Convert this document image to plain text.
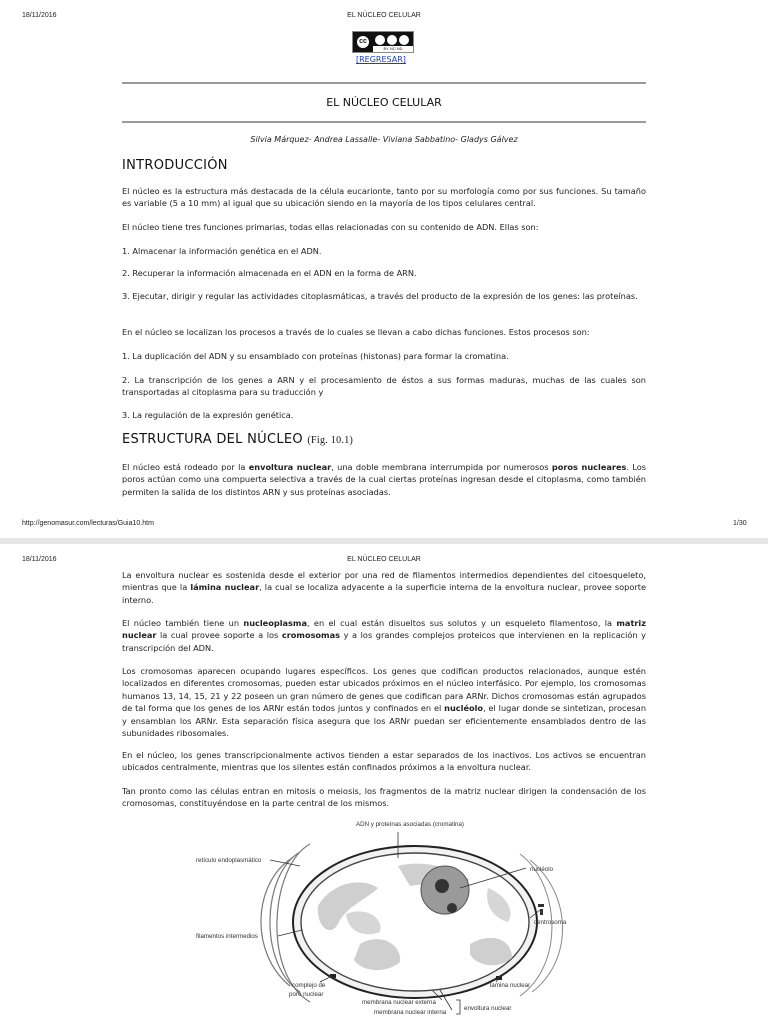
18/11/2016	EL NÚCLEO CELULAR
cc
BY NC ND
[REGRESAR]
EL NÚCLEO CELULAR
Silvia Márquez- Andrea Lassalle- Viviana Sabbatino- Gladys Gálvez
INTRODUCCIÓN

El núcleo es la estructura más destacada de la célula eucarionte, tanto por su morfología como por sus funciones. Su tamaño es variable (5 a 10 mm) al igual que su ubicación siendo en la mayoría de los tipos celulares central.

El núcleo tiene tres funciones primarias, todas ellas relacionadas con su contenido de ADN. Ellas son:

1. Almacenar la información genética en el ADN.

2. Recuperar la información almacenada en el ADN en la forma de ARN.

3. Ejecutar, dirigir y regular las actividades citoplasmáticas, a través del producto de la expresión de los genes: las proteínas.

En el núcleo se localizan los procesos a través de lo cuales se llevan a cabo dichas funciones. Estos procesos son:

1. La duplicación del ADN y su ensamblado con proteínas (histonas) para formar la cromatina.

2. La transcripción de los genes a ARN y el procesamiento de éstos a sus formas maduras, muchas de las cuales son transportadas al citoplasma para su traducción y

3. La regulación de la expresión genética.

ESTRUCTURA DEL NÚCLEO (Fig. 10.1)

El núcleo está rodeado por la envoltura nuclear, una doble membrana interrumpida por numerosos poros nucleares. Los poros actúan como una compuerta selectiva a través de la cual ciertas proteínas ingresan desde el citoplasma, como también permiten la salida de los distintos ARN y sus proteínas asociadas.

http://genomasur.com/lecturas/Guia10.htm	1/30
18/11/2016	EL NÚCLEO CELULAR

La envoltura nuclear es sostenida desde el exterior por una red de filamentos intermedios dependientes del citoesqueleto, mientras que la lámina nuclear, la cual se localiza adyacente a la superficie interna de la envoltura nuclear, provee soporte interno.

El núcleo también tiene un nucleoplasma, en el cual están disueltos sus solutos y un esqueleto filamentoso, la matriz nuclear la cual provee soporte a los cromosomas y a los grandes complejos proteicos que intervienen en la replicación y transcripción del ADN.

Los cromosomas aparecen ocupando lugares específicos. Los genes que codifican productos relacionados, aunque estén localizados en diferentes cromosomas, pueden estar ubicados próximos en el núcleo interfásico. Por ejemplo, los cromosomas humanos 13, 14, 15, 21 y 22 poseen un gran número de genes que codifican para ARNr. Dichos cromosomas están agrupados de tal forma que los genes de los ARNr están todos juntos y confinados en el nucléolo, el lugar donde se sintetizan, procesan y ensamblan los ARNr. Esta separación física asegura que los ARNr puedan ser eficientemente ensamblados dentro de las subunidades ribosomales.

En el núcleo, los genes transcripcionalmente activos tienden a estar separados de los inactivos. Los activos se encuentran ubicados centralmente, mientras que los silentes están confinados próximos a la envoltura nuclear.

Tan pronto como las células entran en mitosis o meiosis, los fragmentos de la matriz nuclear dirigen la condensación de los cromosomas, constituyéndose en la parte central de los mismos.

ADN y proteínas asociadas (cromatina)
retículo endoplasmático
nucléolo
centrosoma
filamentos intermedios
lamina nuclear
complejo de
poro nuclear
membrana nuclear externa
membrana nuclear interna
envoltura nuclear
